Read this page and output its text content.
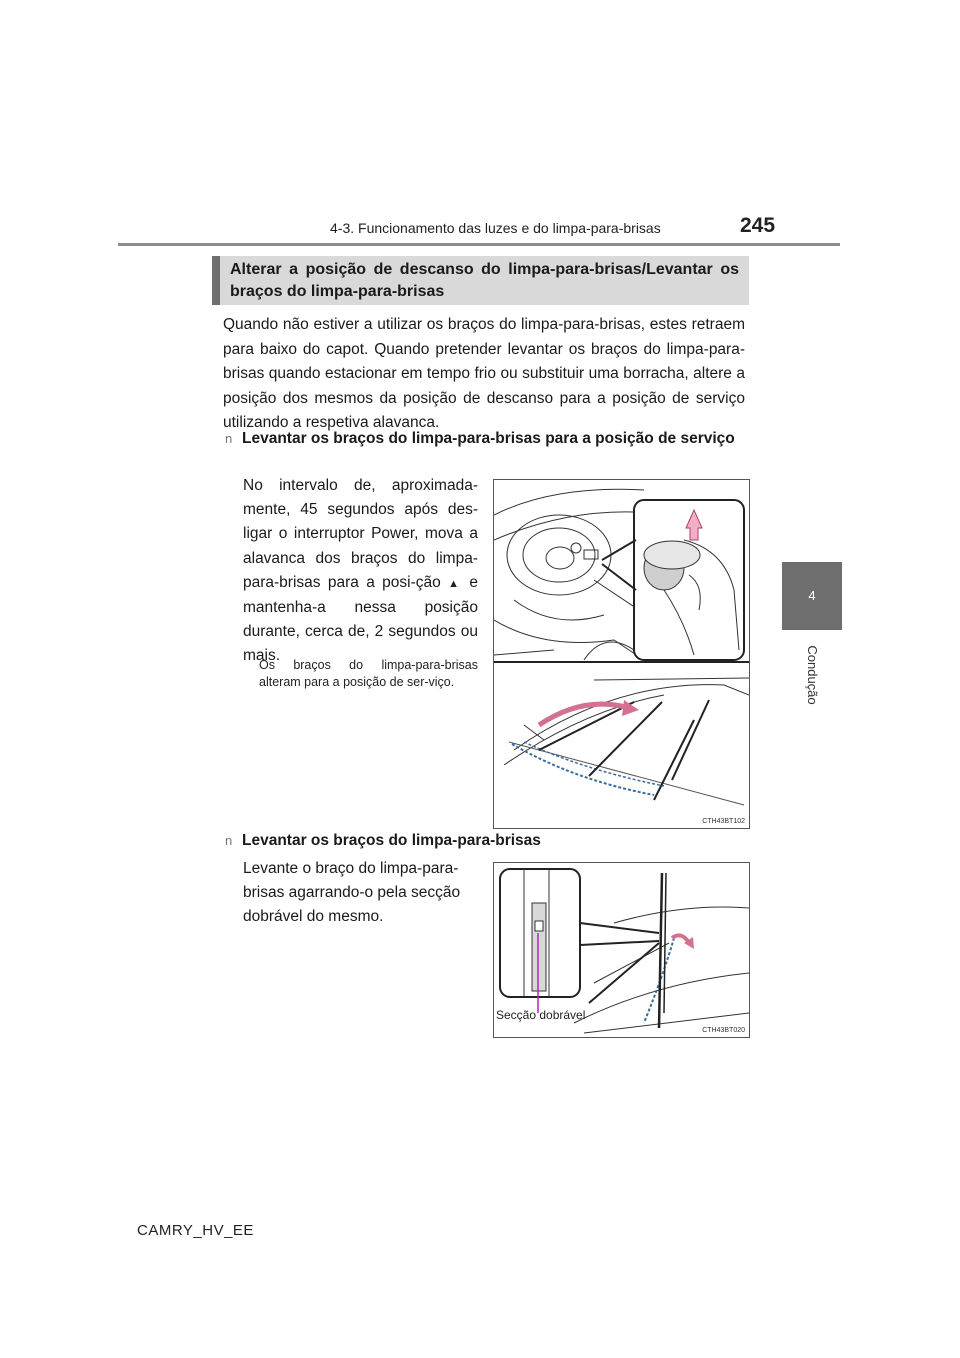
4-3. Funcionamento das luzes e do limpa-para-brisas	245
4
Condução
Alterar a posição de descanso do limpa-para-brisas/Levantar os braços do limpa-para-brisas
Quando não estiver a utilizar os braços do limpa-para-brisas, estes retraem para baixo do capot. Quando pretender levantar os braços do limpa-para-brisas quando estacionar em tempo frio ou substituir uma borracha, altere a posição dos mesmos da posição de descanso para a posição de serviço utilizando a respetiva alavanca.
n Levantar os braços do limpa-para-brisas para a posição de serviço
No intervalo de, aproximada-mente, 45 segundos após des-ligar o interruptor Power, mova a alavanca dos braços do limpa-para-brisas para a posi-ção ▲ e mantenha-a nessa posição durante, cerca de, 2 segundos ou mais.
Os braços do limpa-para-brisas alteram para a posição de ser-viço.
CTH43BT102
n Levantar os braços do limpa-para-brisas
Levante o braço do limpa-para-brisas agarrando-o pela secção dobrável do mesmo.
Secção dobrável
CTH43BT020
CAMRY_HV_EE
